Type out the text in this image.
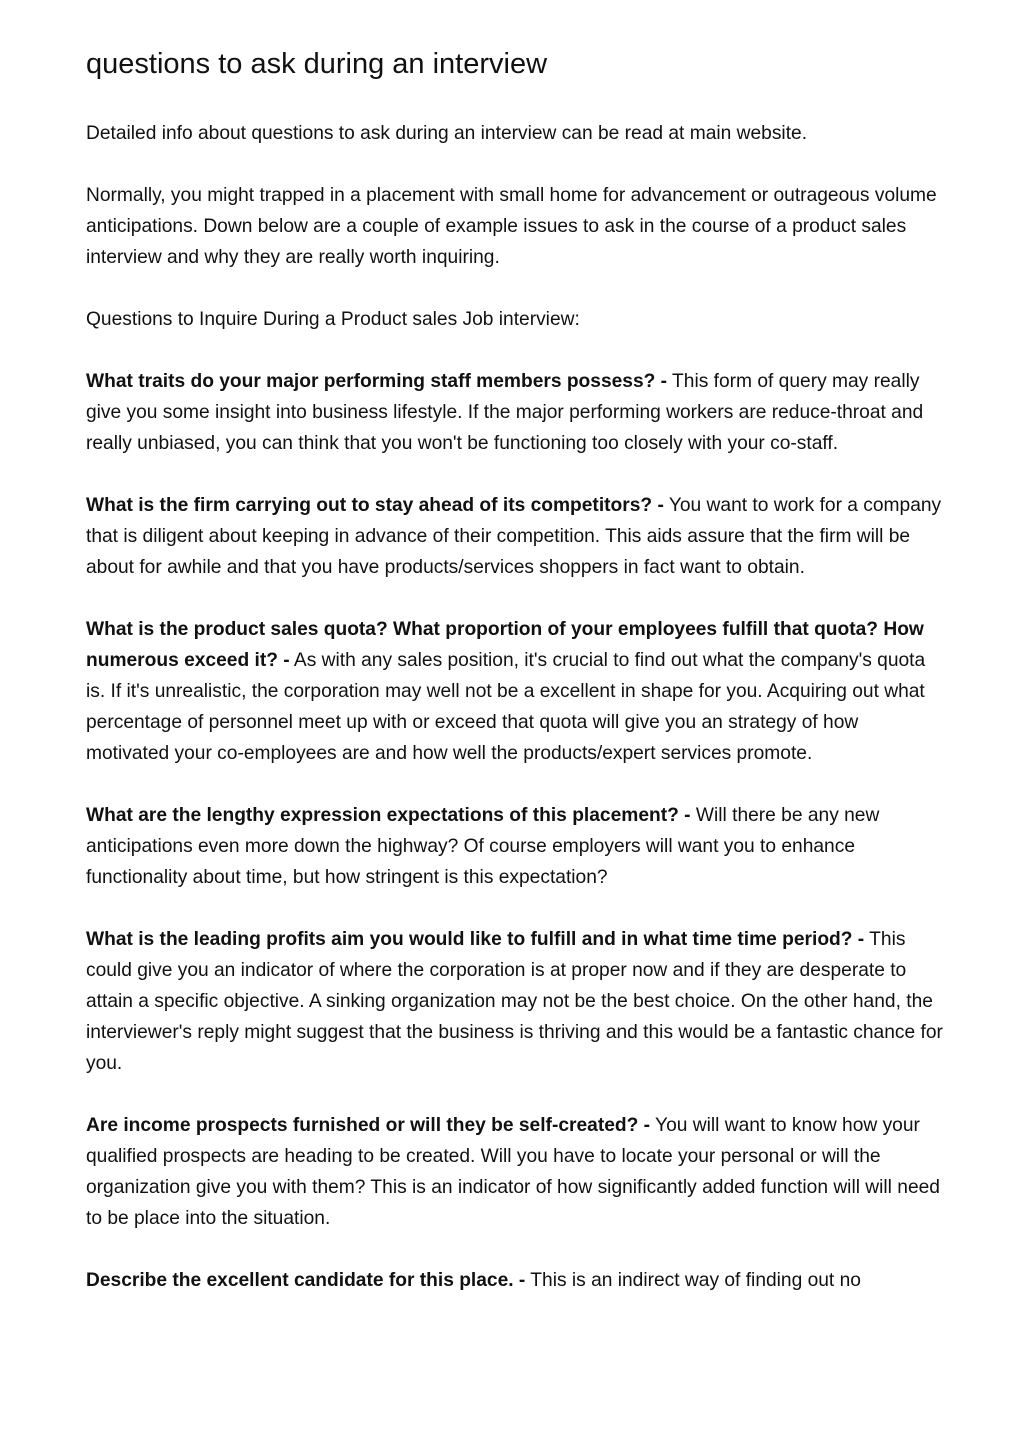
questions to ask during an interview

Detailed info about questions to ask during an interview can be read at main website.

Normally, you might trapped in a placement with small home for advancement or outrageous volume anticipations. Down below are a couple of example issues to ask in the course of a product sales interview and why they are really worth inquiring.

Questions to Inquire During a Product sales Job interview:

What traits do your major performing staff members possess? - This form of query may really give you some insight into business lifestyle. If the major performing workers are reduce-throat and really unbiased, you can think that you won't be functioning too closely with your co-staff.

What is the firm carrying out to stay ahead of its competitors? - You want to work for a company that is diligent about keeping in advance of their competition. This aids assure that the firm will be about for awhile and that you have products/services shoppers in fact want to obtain.

What is the product sales quota? What proportion of your employees fulfill that quota? How numerous exceed it? - As with any sales position, it's crucial to find out what the company's quota is. If it's unrealistic, the corporation may well not be a excellent in shape for you. Acquiring out what percentage of personnel meet up with or exceed that quota will give you an strategy of how motivated your co-employees are and how well the products/expert services promote.

What are the lengthy expression expectations of this placement? - Will there be any new anticipations even more down the highway? Of course employers will want you to enhance functionality about time, but how stringent is this expectation?

What is the leading profits aim you would like to fulfill and in what time time period? - This could give you an indicator of where the corporation is at proper now and if they are desperate to attain a specific objective. A sinking organization may not be the best choice. On the other hand, the interviewer's reply might suggest that the business is thriving and this would be a fantastic chance for you.

Are income prospects furnished or will they be self-created? - You will want to know how your qualified prospects are heading to be created. Will you have to locate your personal or will the organization give you with them? This is an indicator of how significantly added function will will need to be place into the situation.

Describe the excellent candidate for this place. - This is an indirect way of finding out no
